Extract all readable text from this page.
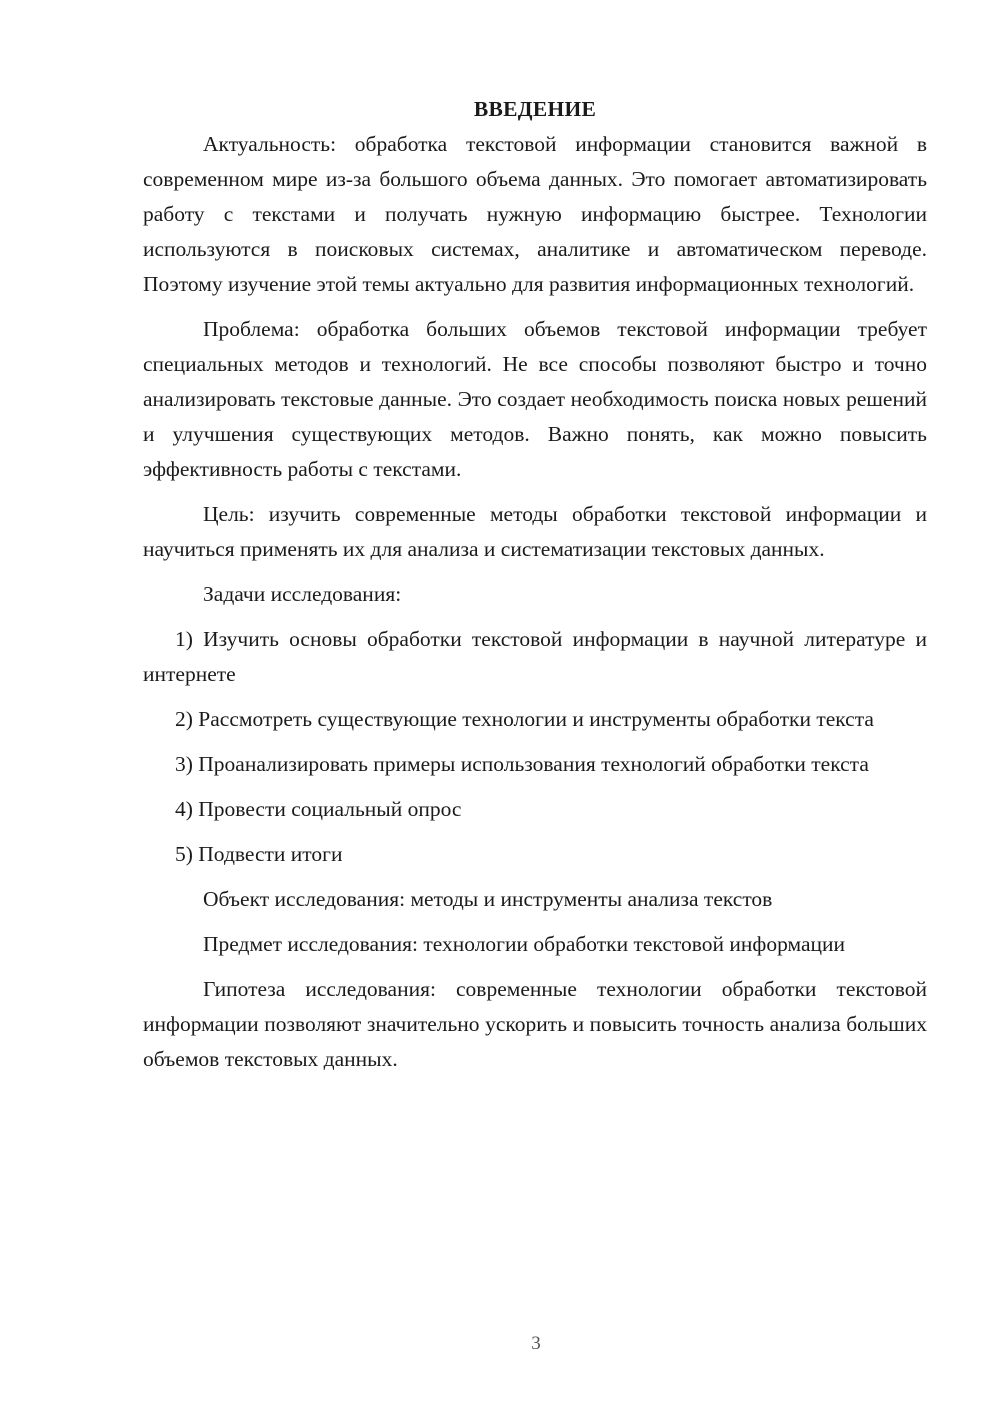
ВВЕДЕНИЕ

Актуальность: обработка текстовой информации становится важной в современном мире из-за большого объема данных. Это помогает автоматизировать работу с текстами и получать нужную информацию быстрее. Технологии используются в поисковых системах, аналитике и автоматическом переводе. Поэтому изучение этой темы актуально для развития информационных технологий.

Проблема: обработка больших объемов текстовой информации требует специальных методов и технологий. Не все способы позволяют быстро и точно анализировать текстовые данные. Это создает необходимость поиска новых решений и улучшения существующих методов. Важно понять, как можно повысить эффективность работы с текстами.

Цель: изучить современные методы обработки текстовой информации и научиться применять их для анализа и систематизации текстовых данных.

Задачи исследования:

1) Изучить основы обработки текстовой информации в научной литературе и интернете

2) Рассмотреть существующие технологии и инструменты обработки текста

3) Проанализировать примеры использования технологий обработки текста

4) Провести социальный опрос

5) Подвести итоги

Объект исследования: методы и инструменты анализа текстов

Предмет исследования: технологии обработки текстовой информации

Гипотеза исследования: современные технологии обработки текстовой информации позволяют значительно ускорить и повысить точность анализа больших объемов текстовых данных.

3
